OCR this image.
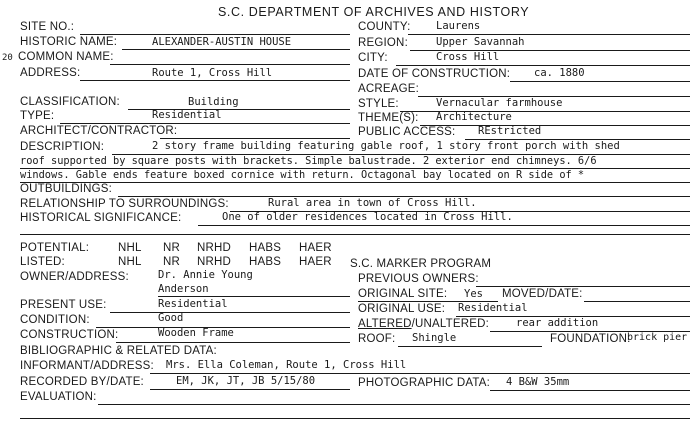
S.C. DEPARTMENT OF ARCHIVES AND HISTORY
SITE NO.:
HISTORIC NAME:	ALEXANDER-AUSTIN HOUSE
20 COMMON NAME:
ADDRESS:	Route 1, Cross Hill
CLASSIFICATION:	Building
TYPE:	Residential
ARCHITECT/CONTRACTOR:
COUNTY: Laurens
REGION:	Upper Savannah
CITY:	Cross Hill
DATE OF CONSTRUCTION: ca. 1880
ACREAGE:
STYLE:	Vernacular farmhouse
THEME(S): Architecture
PUBLIC ACCESS: REstricted
DESCRIPTION:	2 story frame building featuring gable roof, 1 story front porch with shed
roof supported by square posts with brackets. Simple balustrade. 2 exterior end chimneys. 6/6
windows. Gable ends feature boxed cornice with return. Octagonal bay located on R side of *
OUTBUILDINGS:
RELATIONSHIP TO SURROUNDINGS:	Rural area in town of Cross Hill.
HISTORICAL SIGNIFICANCE:	One of older residences located in Cross Hill.
POTENTIAL:	NHL NR NRHD HABS HAER
LISTED:	NHL NR NRHD HABS HAER S.C. MARKER PROGRAM
OWNER/ADDRESS:	Dr. Annie Young
Anderson
PREVIOUS OWNERS:
ORIGINAL SITE: Yes MOVED/DATE:
ORIGINAL USE: Residential
ALTERED/UNALTERED:	rear addition
ROOF: Shingle	FOUNDATION:
brick pier
PHOTOGRAPHIC DATA: 4 B&W 35mm
PRESENT USE:	Residential
CONDITION:	Good
CONSTRUCTION:	Wooden Frame
BIBLIOGRAPHIC & RELATED DATA:
INFORMANT/ADDRESS: Mrs. Ella Coleman, Route 1, Cross Hill
RECORDED BY/DATE:	EM, JK, JT, JB 5/15/80
EVALUATION:
